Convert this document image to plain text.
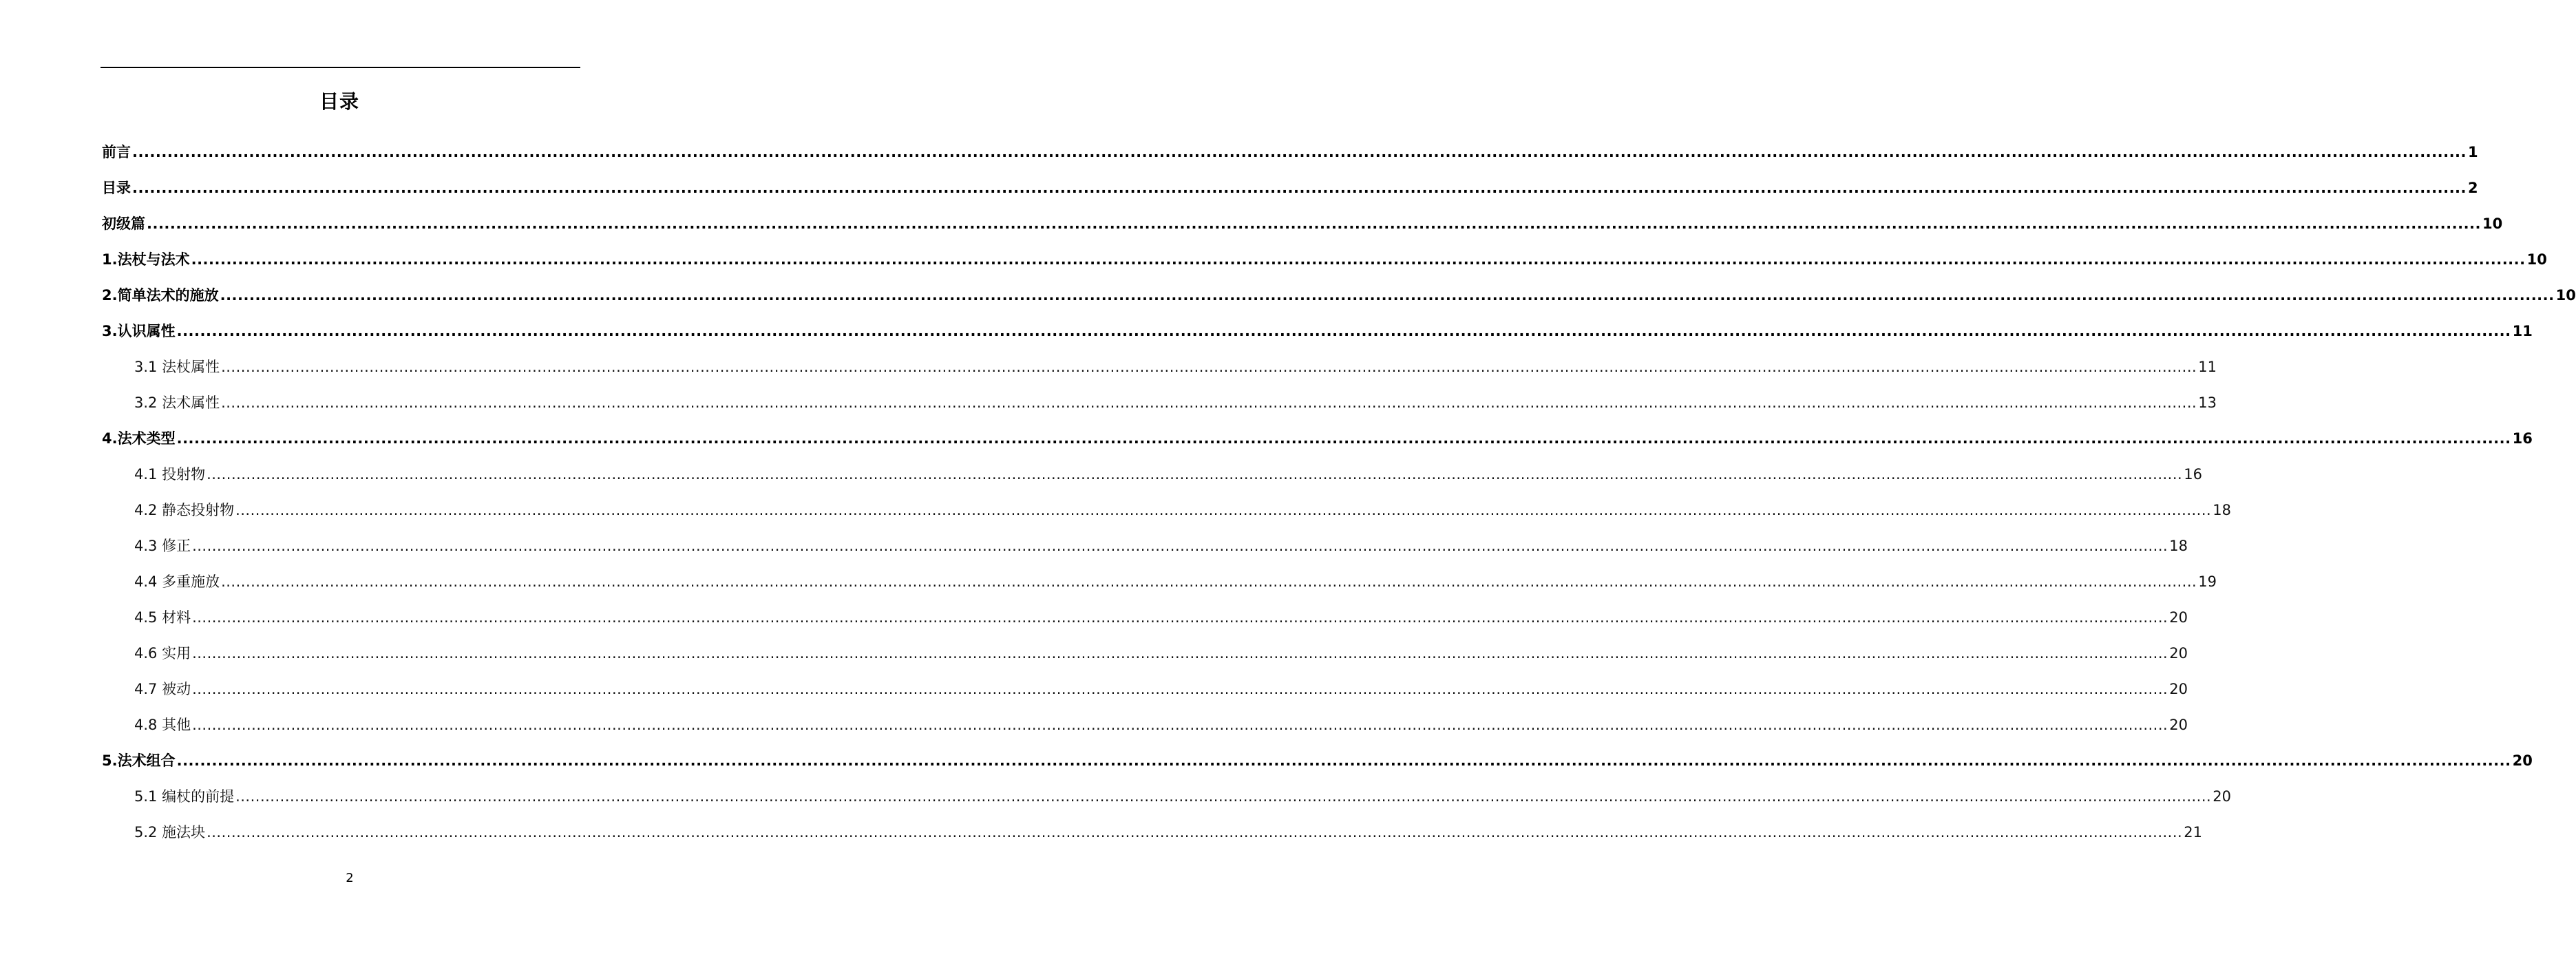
目录
前言 ................................................................................................................................................................................................................................................................................................................................................................................................................ 1
目录 ................................................................................................................................................................................................................................................................................................................................................................................................................ 2
初级篇 ................................................................................................................................................................................................................................................................................................................................................................................................................ 10
1.法杖与法术 ................................................................................................................................................................................................................................................................................................................................................................................................................ 10
2.简单法术的施放 ................................................................................................................................................................................................................................................................................................................................................................................................................ 10
3.认识属性 ................................................................................................................................................................................................................................................................................................................................................................................................................ 11
3.1 法杖属性 ................................................................................................................................................................................................................................................................................................................................................................................................................ 11
3.2 法术属性 ................................................................................................................................................................................................................................................................................................................................................................................................................ 13
4.法术类型 ................................................................................................................................................................................................................................................................................................................................................................................................................ 16
4.1 投射物 ................................................................................................................................................................................................................................................................................................................................................................................................................ 16
4.2 静态投射物 ................................................................................................................................................................................................................................................................................................................................................................................................................ 18
4.3 修正 ................................................................................................................................................................................................................................................................................................................................................................................................................ 18
4.4 多重施放 ................................................................................................................................................................................................................................................................................................................................................................................................................ 19
4.5 材料 ................................................................................................................................................................................................................................................................................................................................................................................................................ 20
4.6 实用 ................................................................................................................................................................................................................................................................................................................................................................................................................ 20
4.7 被动 ................................................................................................................................................................................................................................................................................................................................................................................................................ 20
4.8 其他 ................................................................................................................................................................................................................................................................................................................................................................................................................ 20
5.法术组合 ................................................................................................................................................................................................................................................................................................................................................................................................................ 20
5.1 编杖的前提 ................................................................................................................................................................................................................................................................................................................................................................................................................ 20
5.2 施法块 ................................................................................................................................................................................................................................................................................................................................................................................................................ 21
2
